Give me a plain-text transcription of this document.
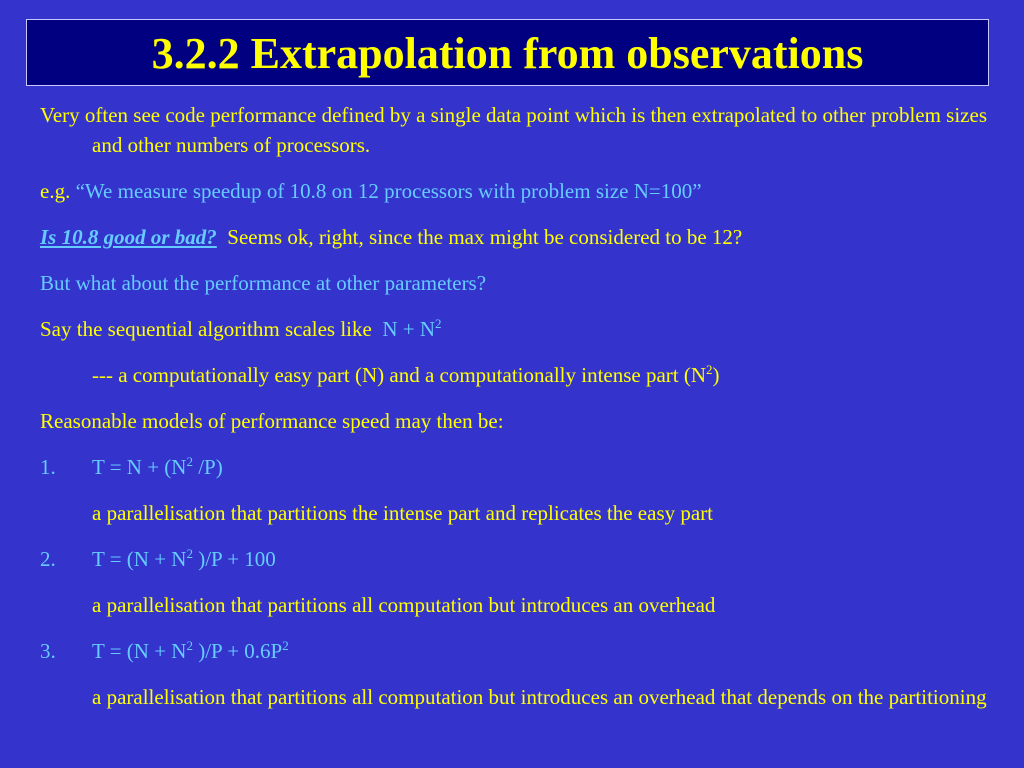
3.2.2 Extrapolation from observations

Very often see code performance defined by a single data point which is then extrapolated to other problem sizes and other numbers of processors.

e.g. “We measure speedup of 10.8 on 12 processors with problem size N=100”

Is 10.8 good or bad? Seems ok, right, since the max might be considered to be 12?

But what about the performance at other parameters?

Say the sequential algorithm scales like $N + N^2$

--- a computationally easy part (N) and a computationally intense part $(N^2)$

Reasonable models of performance speed may then be:

1. $T = N + (N^2$ /P)

a parallelisation that partitions the intense part and replicates the easy part

2. $T = (N + N^2$ )/P + 100

a parallelisation that partitions all computation but introduces an overhead

3. $T = (N + N^2$ )$/P + 0.6P^2$

a parallelisation that partitions all computation but introduces an overhead that depends on the partitioning
